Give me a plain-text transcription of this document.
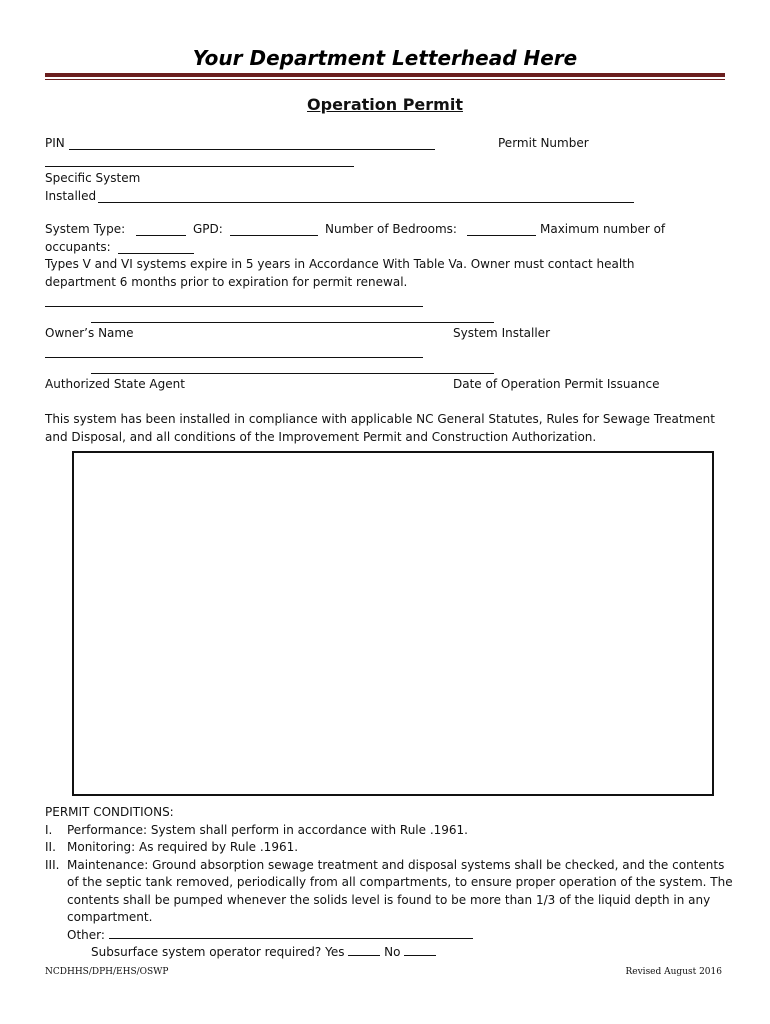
Your Department Letterhead Here
Operation Permit
PIN	Permit Number
Specific System
Installed
System Type:	GPD:	Number of Bedrooms:	Maximum number of
occupants:
Types V and VI systems expire in 5 years in Accordance With Table Va. Owner must contact health department 6 months prior to expiration for permit renewal.
Owner’s Name	System Installer
Authorized State Agent	Date of Operation Permit Issuance
This system has been installed in compliance with applicable NC General Statutes, Rules for Sewage Treatment and Disposal, and all conditions of the Improvement Permit and Construction Authorization.
PERMIT CONDITIONS:
I.	Performance: System shall perform in accordance with Rule .1961.
II. Monitoring: As required by Rule .1961.
III. Maintenance: Ground absorption sewage treatment and disposal systems shall be checked, and the contents of the septic tank removed, periodically from all compartments, to ensure proper operation of the system. The contents shall be pumped whenever the solids level is found to be more than 1/3 of the liquid depth in any compartment.
Other:
Subsurface system operator required? Yes	No
NCDHHS/DPH/EHS/OSWP	Revised August 2016
